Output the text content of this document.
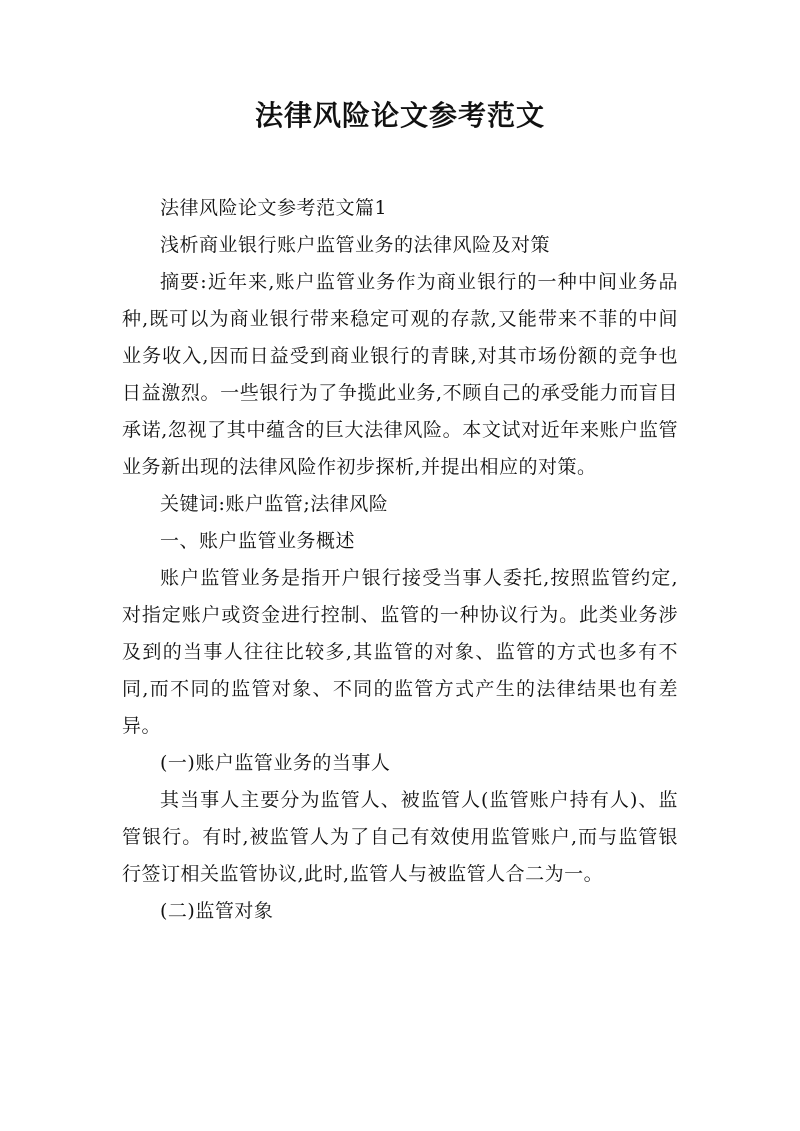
法律风险论文参考范文

法律风险论文参考范文篇1

浅析商业银行账户监管业务的法律风险及对策

摘要:近年来,账户监管业务作为商业银行的一种中间业务品种,既可以为商业银行带来稳定可观的存款,又能带来不菲的中间业务收入,因而日益受到商业银行的青睐,对其市场份额的竞争也日益激烈。一些银行为了争揽此业务,不顾自己的承受能力而盲目承诺,忽视了其中蕴含的巨大法律风险。本文试对近年来账户监管业务新出现的法律风险作初步探析,并提出相应的对策。

关键词:账户监管;法律风险

一、账户监管业务概述

账户监管业务是指开户银行接受当事人委托,按照监管约定,对指定账户或资金进行控制、监管的一种协议行为。此类业务涉及到的当事人往往比较多,其监管的对象、监管的方式也多有不同,而不同的监管对象、不同的监管方式产生的法律结果也有差异。

(一)账户监管业务的当事人

其当事人主要分为监管人、被监管人(监管账户持有人)、监管银行。有时,被监管人为了自己有效使用监管账户,而与监管银行签订相关监管协议,此时,监管人与被监管人合二为一。

(二)监管对象
